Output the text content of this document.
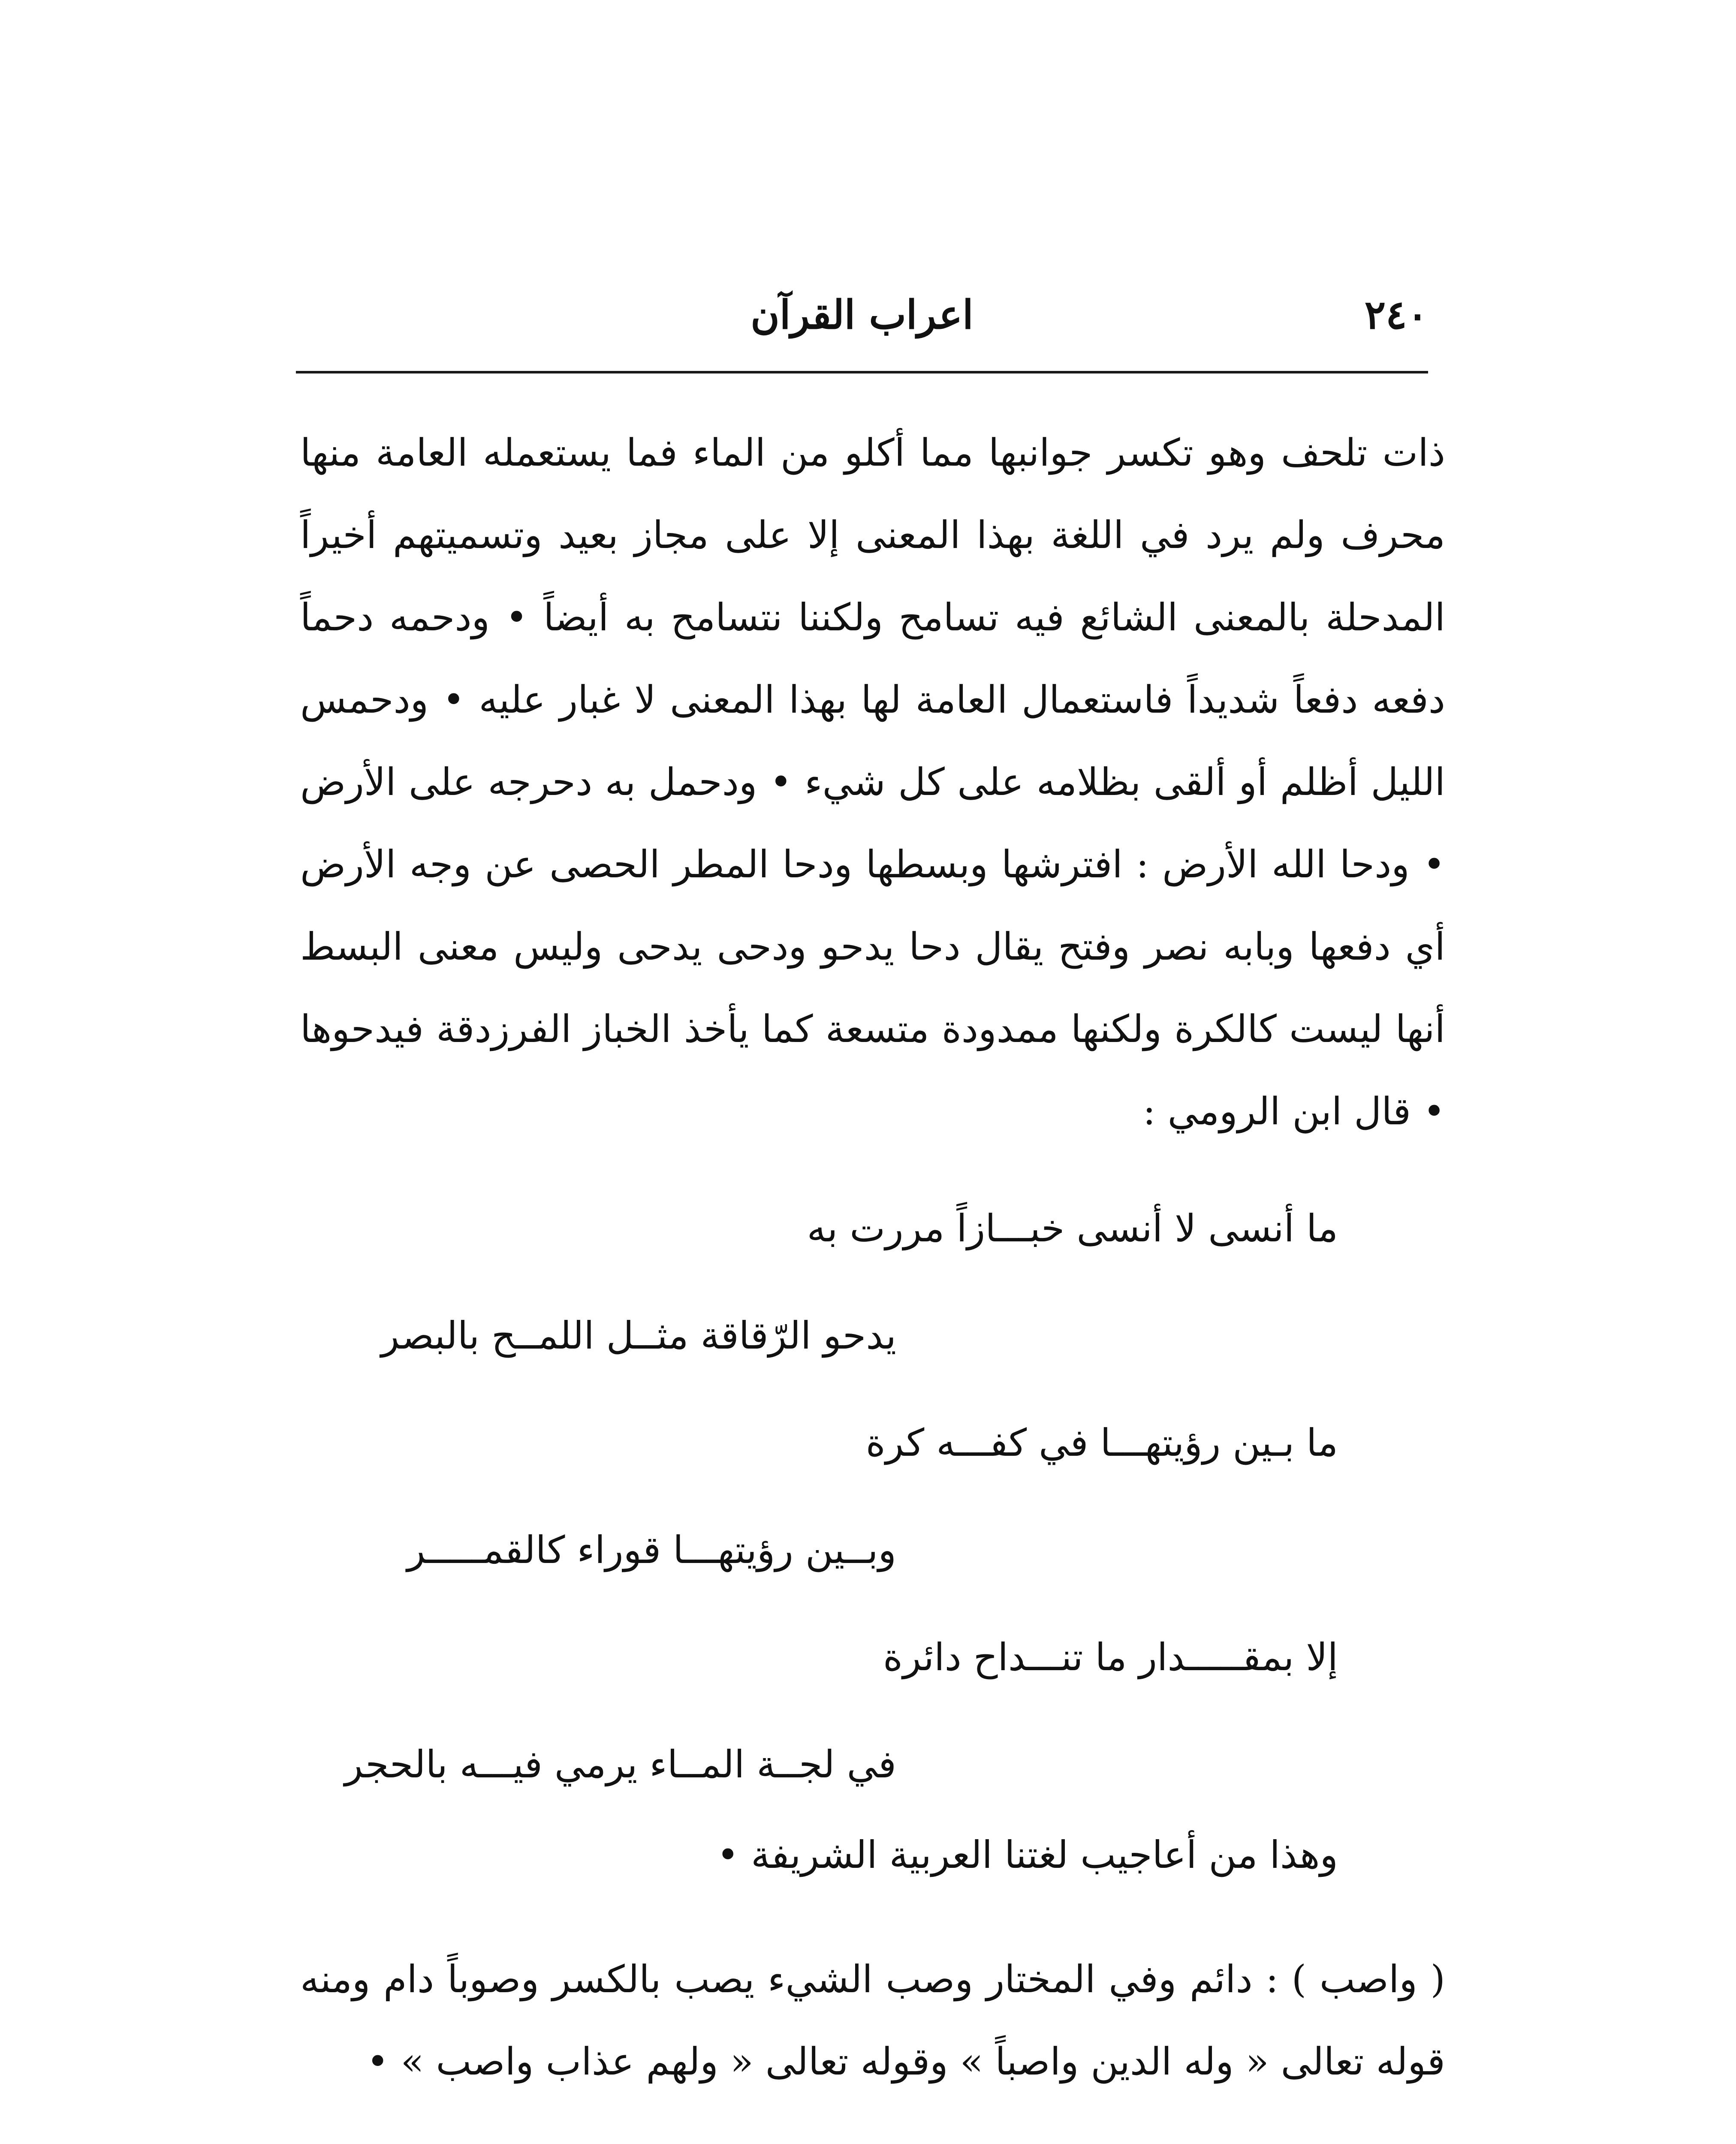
٢٤٠
اعراب القرآن

ذات تلحف وهو تكسر جوانبها مما أكلو من الماء فما يستعمله العامة منها محرف ولم يرد في اللغة بهذا المعنى إلا على مجاز بعيد وتسميتهم أخيراً المدحلة بالمعنى الشائع فيه تسامح ولكننا نتسامح به أيضاً • ودحمه دحماً دفعه دفعاً شديداً فاستعمال العامة لها بهذا المعنى لا غبار عليه • ودحمس الليل أظلم أو ألقى بظلامه على كل شيء • ودحمل به دحرجه على الأرض • ودحا الله الأرض : افترشها وبسطها ودحا المطر الحصى عن وجه الأرض أي دفعها وبابه نصر وفتح يقال دحا يدحو ودحى يدحى وليس معنى البسط أنها ليست كالكرة ولكنها ممدودة متسعة كما يأخذ الخباز الفرزدقة فيدحوها • قال ابن الرومي :

ما أنسى لا أنسى خبـــازاً مررت به
يدحو الرّقاقة مثــل اللمــح بالبصر
ما بـين رؤيتهـــا في كفـــه كرة
وبــين رؤيتهـــا قوراء كالقمـــــر
إلا بمقـــــدار ما تنـــداح دائرة
في لجــة المــاء يرمي فيـــه بالحجر
وهذا من أعاجيب لغتنا العربية الشريفة •

( واصب ) : دائم وفي المختار وصب الشيء يصب بالكسر وصوباً دام ومنه قوله تعالى « وله الدين واصباً » وقوله تعالى « ولهم عذاب واصب » •
